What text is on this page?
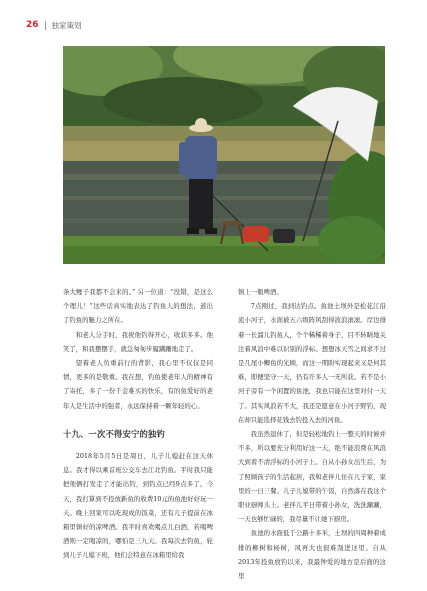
26 独家策划

条大鲤子我都不会来的。” 另一位道：“没错，是这么个理儿！”这些话真实地表达了钓鱼人的想法，道出了钓鱼的魅力之所在。

和老人分手时，我祝他钓得开心，收获多多。他笑了，和我摆摆手，就急匆匆步履蹒跚地走了。

望着老人负重前行的背影，我心里不仅仅是同情，更多的是敬重。我在想，钓鱼使老年人的精神有了寄托，多了一份千金难买的快乐，有的鱼爱好的老年人是生活中的强者，永远保持着一颗年轻的心。

十九、一次不得安宁的独钓

2018年5月5日是周日，儿子儿媳赶在这天休息。我才得以乘首班公交车去江北钓鱼。平时我只能把他俩打发走了才能出钓，到钓点已经9点多了。今天，我打算到不投放新鱼的收费10元的鱼池好好玩一天。晚上回家可以吃现成的饭菜，还有儿子提前在冰箱里镇好的凉啤酒。我平时喜欢喝点儿白酒，若喝啤酒则一定喝凉的，哪怕是三九天。我每次去钓鱼，轮到儿子儿媳下班，他们会特意在冰箱里给我

镇上一瓶啤酒。

7点刚过，我到达钓点。鱼池土坝外是松花江沿流小河子，水面被五六级阵风刮得波浪滚滚。岸边排着一长溜儿钓鱼人，个个稀稀着身子，目不转睛地关注着风浪中难以识别的浮标。想想冰天雪之间求不过是几尾小鲫鱼的光顾，而这一期盼实现起来又是何其难，即便坚守一天，仍有许多人一无所获。若不是小河子旁有一个闲置的鱼池，我也只能在这里对付一天了。其实风浪若不大，我还是愿意在小河子野钓，现在却只能选择花钱去钓投入去的河鱼。

我虽然退休了，但是轻松地钓上一整天的时候并不多，所以要充分利用好这一天，绝不能浪费在风浪大到看不清浮标的小河子上。自从小孙女出生后，为了照顾孩子的生活起居，我和老伴儿住在儿子家，家里的一日三餐、儿子儿媳带的午饭，自然落在我这个职业厨师头上。老伴儿平日带着小孙女，洗洗涮涮，一天也够忙碌的，我尽量不让她下厨房。

鱼池的水面低于公路十多米，土坝的四周种着成排的柳树和杨树，风再大也很难刮进这里。自从2013年投鱼放钓以来，我最钟爱的地方是后面的这里
